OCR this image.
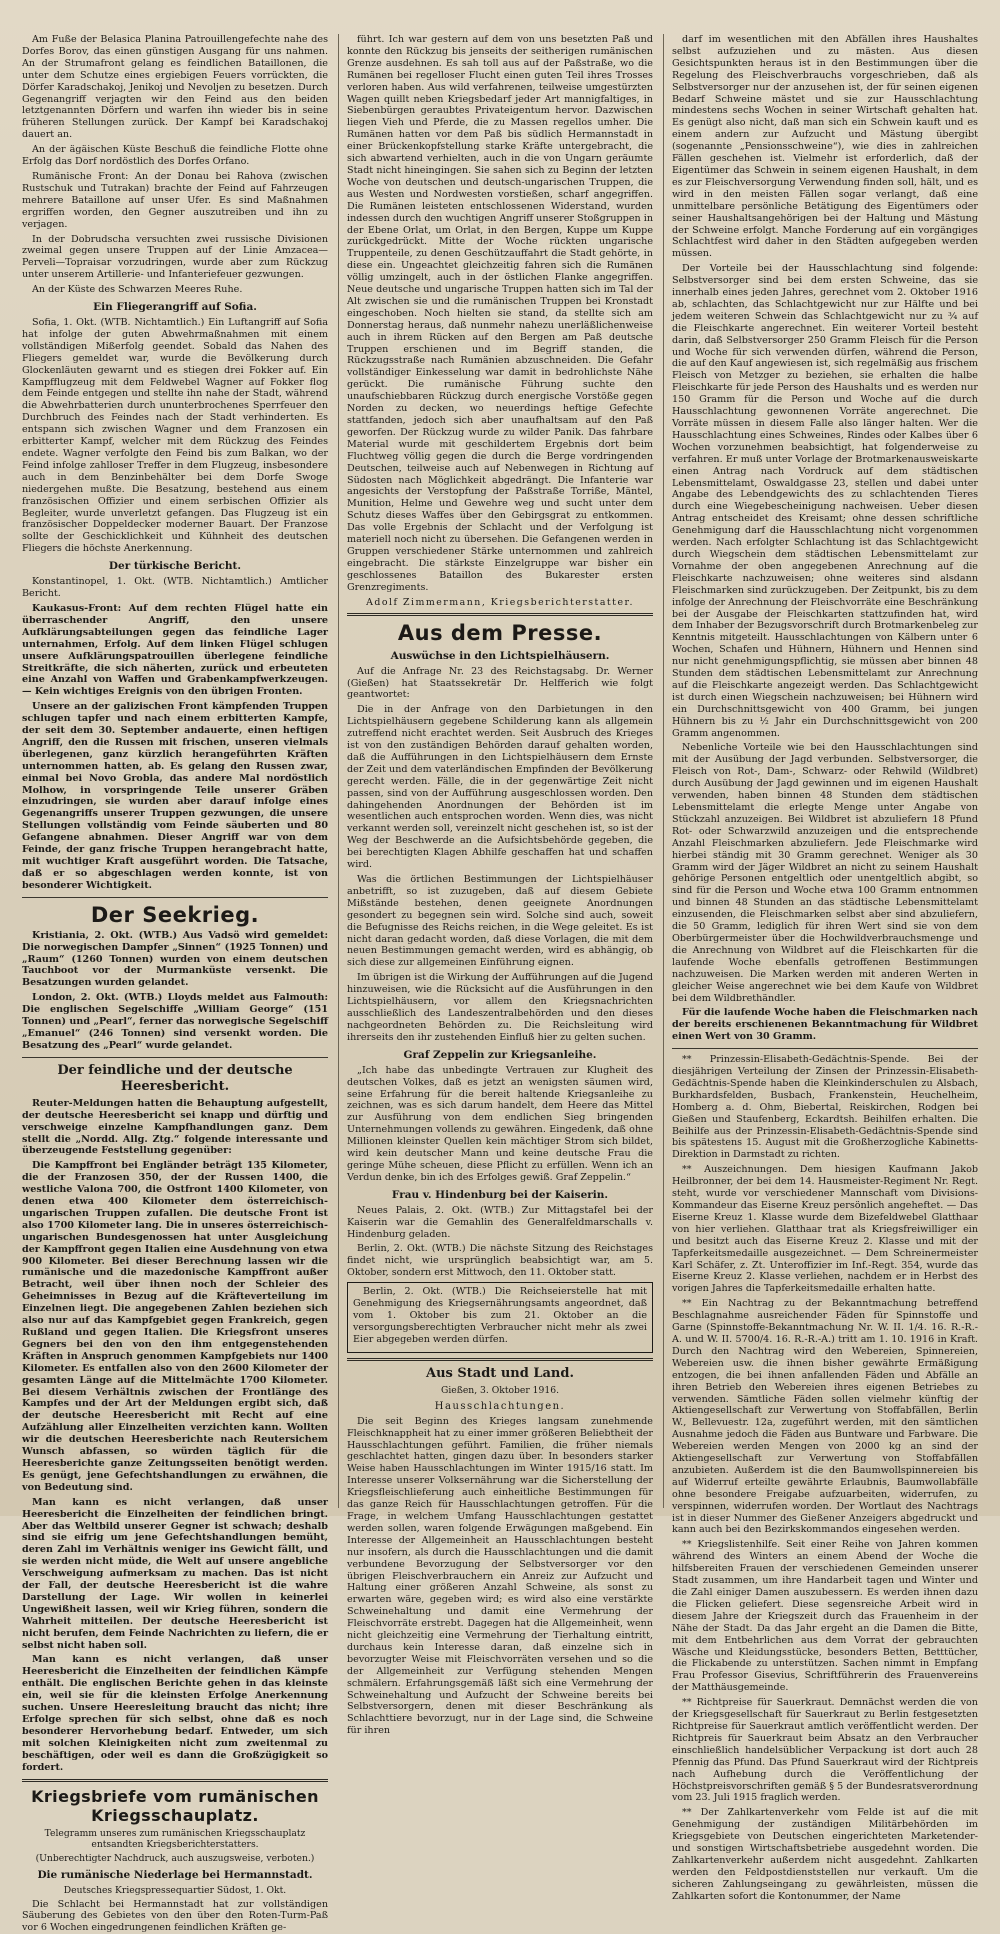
Am Fuße der Belasica Planina Patrouillengefechte nahe des Dorfes Borov, das einen günstigen Ausgang für uns nahmen. An der Strumafront gelang es feindlichen Bataillonen, die unter dem Schutze eines ergiebigen Feuers vorrückten, die Dörfer Karadschakoj, Jenikoj und Nevoljen zu besetzen. Durch Gegenangriff verjagten wir den Feind aus den beiden letztgenannten Dörfern und warfen ihn wieder bis in seine früheren Stellungen zurück. Der Kampf bei Karadschakoj dauert an.

An der ägäischen Küste Beschuß die feindliche Flotte ohne Erfolg das Dorf nordöstlich des Dorfes Orfano.

Rumänische Front: An der Donau bei Rahova (zwischen Rustschuk und Tutrakan) brachte der Feind auf Fahrzeugen mehrere Bataillone auf unser Ufer. Es sind Maßnahmen ergriffen worden, den Gegner auszutreiben und ihn zu verjagen.

In der Dobrudscha versuchten zwei russische Divisionen zweimal gegen unsere Truppen auf der Linie Amzacea—Perveli—Topraisar vorzudringen, wurde aber zum Rückzug unter unserem Artillerie- und Infanteriefeuer gezwungen.

An der Küste des Schwarzen Meeres Ruhe.

Ein Fliegerangriff auf Sofia.

Sofia, 1. Okt. (WTB. Nichtamtlich.) Ein Luftangriff auf Sofia hat infolge der guten Abwehrmaßnahmen mit einem vollständigen Mißerfolg geendet. Sobald das Nahen des Fliegers gemeldet war, wurde die Bevölkerung durch Glockenläuten gewarnt und es stiegen drei Fokker auf. Ein Kampfflugzeug mit dem Feldwebel Wagner auf Fokker flog dem Feinde entgegen und stellte ihn nahe der Stadt, während die Abwehrbatterien durch ununterbrochenes Sperrfeuer den Durchbruch des Feindes nach der Stadt verhinderten. Es entspann sich zwischen Wagner und dem Franzosen ein erbitterter Kampf, welcher mit dem Rückzug des Feindes endete. Wagner verfolgte den Feind bis zum Balkan, wo der Feind infolge zahlloser Treffer in dem Flugzeug, insbesondere auch in dem Benzinbehälter bei dem Dorfe Swoge niedergehen mußte. Die Besatzung, bestehend aus einem französischen Offizier und einem serbischen Offizier als Begleiter, wurde unverletzt gefangen. Das Flugzeug ist ein französischer Doppeldecker moderner Bauart. Der Franzose sollte der Geschicklichkeit und Kühnheit des deutschen Fliegers die höchste Anerkennung.

Der türkische Bericht.

Konstantinopel, 1. Okt. (WTB. Nichtamtlich.) Amtlicher Bericht.

Kaukasus-Front: Auf dem rechten Flügel hatte ein überraschender Angriff, den unsere Aufklärungsabteilungen gegen das feindliche Lager unternahmen, Erfolg. Auf dem linken Flügel schlugen unsere Aufklärungspatrouillen überlegene feindliche Streitkräfte, die sich näherten, zurück und erbeuteten eine Anzahl von Waffen und Grabenkampfwerkzeugen. — Kein wichtiges Ereignis von den übrigen Fronten.

Unsere an der galizischen Front kämpfenden Truppen schlugen tapfer und nach einem erbitterten Kampfe, der seit dem 30. September andauerte, einen heftigen Angriff, den die Russen mit frischen, unseren vielmals überlegenen, ganz kürzlich herangeführten Kräften unternommen hatten, ab. Es gelang den Russen zwar, einmal bei Novo Grobla, das andere Mal nordöstlich Molhow, in vorspringende Teile unserer Gräben einzudringen, sie wurden aber darauf infolge eines Gegenangriffs unserer Truppen gezwungen, die unsere Stellungen vollständig vom Feinde säuberten und 80 Gefangene abnahmen. Dieser Angriff war von dem Feinde, der ganz frische Truppen herangebracht hatte, mit wuchtiger Kraft ausgeführt worden. Die Tatsache, daß er so abgeschlagen werden konnte, ist von besonderer Wichtigkeit.

Der Seekrieg.

Kristiania, 2. Okt. (WTB.) Aus Vadsö wird gemeldet: Die norwegischen Dampfer „Sinnen“ (1925 Tonnen) und „Raum“ (1260 Tonnen) wurden von einem deutschen Tauchboot vor der Murmanküste versenkt. Die Besatzungen wurden gelandet.

London, 2. Okt. (WTB.) Lloyds meldet aus Falmouth: Die englischen Segelschiffe „William George“ (151 Tonnen) und „Pearl“, ferner das norwegische Segelschiff „Emanuel“ (246 Tonnen) sind versenkt worden. Die Besatzung des „Pearl“ wurde gelandet.

Der feindliche und der deutsche Heeresbericht.

Reuter-Meldungen hatten die Behauptung aufgestellt, der deutsche Heeresbericht sei knapp und dürftig und verschweige einzelne Kampfhandlungen ganz. Dem stellt die „Nordd. Allg. Ztg.“ folgende interessante und überzeugende Feststellung gegenüber:

Die Kampffront bei Engländer beträgt 135 Kilometer, die der Franzosen 350, der der Russen 1400, die westliche Valona 700, die Ostfront 1400 Kilometer, von denen etwa 400 Kilometer dem österreichisch-ungarischen Truppen zufallen. Die deutsche Front ist also 1700 Kilometer lang. Die in unseres österreichisch-ungarischen Bundesgenossen hat unter Ausgleichung der Kampffront gegen Italien eine Ausdehnung von etwa 900 Kilometer. Bei dieser Berechnung lassen wir die rumänische und die mazedonische Kampffront außer Betracht, weil über ihnen noch der Schleier des Geheimnisses in Bezug auf die Kräfteverteilung im Einzelnen liegt. Die angegebenen Zahlen beziehen sich also nur auf das Kampfgebiet gegen Frankreich, gegen Rußland und gegen Italien. Die Kriegsfront unseres Gegners bei den von den ihm entgegenstehenden Kräften in Anspruch genommen Kampfgebiets nur 1400 Kilometer. Es entfallen also von den 2600 Kilometer der gesamten Länge auf die Mittelmächte 1700 Kilometer. Bei diesem Verhältnis zwischen der Frontlänge des Kampfes und der Art der Meldungen ergibt sich, daß der deutsche Heeresbericht mit Recht auf eine Aufzählung aller Einzelheiten verzichten kann. Wollten wir die deutschen Heeresberichte nach Reutersichem Wunsch abfassen, so würden täglich für die Heeresberichte ganze Zeitungsseiten benötigt werden. Es genügt, jene Gefechtshandlungen zu erwähnen, die von Bedeutung sind.

Man kann es nicht verlangen, daß unser Heeresbericht die Einzelheiten der feindlichen bringt. Aber das Weltbild unserer Gegner ist schwach; deshalb sind sie eifrig um jene Gefechtshandlungen bemüht, deren Zahl im Verhältnis weniger ins Gewicht fällt, und sie werden nicht müde, die Welt auf unsere angebliche Verschweigung aufmerksam zu machen. Das ist nicht der Fall, der deutsche Heeresbericht ist die wahre Darstellung der Lage. Wir wollen in keinerlei Ungewißheit lassen, weil wir Krieg führen, sondern die Wahrheit mitteilen. Der deutsche Heeresbericht ist nicht berufen, dem Feinde Nachrichten zu liefern, die er selbst nicht haben soll.

Man kann es nicht verlangen, daß unser Heeresbericht die Einzelheiten der feindlichen Kämpfe enthält. Die englischen Berichte gehen in das kleinste ein, weil sie für die kleinsten Erfolge Anerkennung suchen. Unsere Heeresleitung braucht das nicht; ihre Erfolge sprechen für sich selbst, ohne daß es noch besonderer Hervorhebung bedarf. Entweder, um sich mit solchen Kleinigkeiten nicht zum zweitenmal zu beschäftigen, oder weil es dann die Großzügigkeit so fordert.

Kriegsbriefe vom rumänischen Kriegsschauplatz.
Telegramm unseres zum rumänischen Kriegsschauplatz entsandten Kriegsberichterstatters.
(Unberechtigter Nachdruck, auch auszugsweise, verboten.)
Die rumänische Niederlage bei Hermannstadt.
Deutsches Kriegspressequartier Südost, 1. Okt.

Die Schlacht bei Hermannstadt hat zur vollständigen Säuberung des Gebietes von den über den Roten-Turm-Paß vor 6 Wochen eingedrungenen feindlichen Kräften ge-

führt. Ich war gestern auf dem von uns besetzten Paß und konnte den Rückzug bis jenseits der seitherigen rumänischen Grenze ausdehnen. Es sah toll aus auf der Paßstraße, wo die Rumänen bei regelloser Flucht einen guten Teil ihres Trosses verloren haben. Aus wild verfahrenen, teilweise umgestürzten Wagen quillt neben Kriegsbedarf jeder Art mannigfaltiges, in Siebenbürgen geraubtes Privateigentum hervor. Dazwischen liegen Vieh und Pferde, die zu Massen regellos umher. Die Rumänen hatten vor dem Paß bis südlich Hermannstadt in einer Brückenkopfstellung starke Kräfte untergebracht, die sich abwartend verhielten, auch in die von Ungarn geräumte Stadt nicht hineingingen. Sie sahen sich zu Beginn der letzten Woche von deutschen und deutsch-ungarischen Truppen, die aus Westen und Nordwesten vorstießen, scharf angegriffen. Die Rumänen leisteten entschlossenen Widerstand, wurden indessen durch den wuchtigen Angriff unserer Stoßgruppen in der Ebene Orlat, um Orlat, in den Bergen, Kuppe um Kuppe zurückgedrückt. Mitte der Woche rückten ungarische Truppenteile, zu denen Geschützauffahrt die Stadt gehörte, in diese ein. Ungeachtet gleichzeitig fahren sich die Rumänen völlig umzingelt, auch in der östlichen Flanke angegriffen. Neue deutsche und ungarische Truppen hatten sich im Tal der Alt zwischen sie und die rumänischen Truppen bei Kronstadt eingeschoben. Noch hielten sie stand, da stellte sich am Donnerstag heraus, daß nunmehr nahezu unerläßlichenweise auch in ihrem Rücken auf den Bergen am Paß deutsche Truppen erschienen und im Begriff standen, die Rückzugsstraße nach Rumänien abzuschneiden. Die Gefahr vollständiger Einkesselung war damit in bedrohlichste Nähe gerückt. Die rumänische Führung suchte den unaufschiebbaren Rückzug durch energische Vorstöße gegen Norden zu decken, wo neuerdings heftige Gefechte stattfanden, jedoch sich aber unaufhaltsam auf den Paß geworfen. Der Rückzug wurde zu wilder Panik. Das fahrbare Material wurde mit geschildertem Ergebnis dort beim Fluchtweg völlig gegen die durch die Berge vordringenden Deutschen, teilweise auch auf Nebenwegen in Richtung auf Südosten nach Möglichkeit abgedrängt. Die Infanterie war angesichts der Verstopfung der Paßstraße Torriße, Mäntel, Munition, Helme und Gewehre weg und sucht unter dem Schutz dieses Waffes über den Gebirgsgrat zu entkommen. Das volle Ergebnis der Schlacht und der Verfolgung ist materiell noch nicht zu übersehen. Die Gefangenen werden in Gruppen verschiedener Stärke unternommen und zahlreich eingebracht. Die stärkste Einzelgruppe war bisher ein geschlossenes Bataillon des Bukarester ersten Grenzregiments.

Adolf Zimmermann, Kriegsberichterstatter.
Aus dem Presse.
Auswüchse in den Lichtspielhäusern.

Auf die Anfrage Nr. 23 des Reichstagsabg. Dr. Werner (Gießen) hat Staatssekretär Dr. Helfferich wie folgt geantwortet:

Die in der Anfrage von den Darbietungen in den Lichtspielhäusern gegebene Schilderung kann als allgemein zutreffend nicht erachtet werden. Seit Ausbruch des Krieges ist von den zuständigen Behörden darauf gehalten worden, daß die Aufführungen in den Lichtspielhäusern dem Ernste der Zeit und dem vaterländischen Empfinden der Bevölkerung gerecht werden. Fälle, die in der gegenwärtige Zeit nicht passen, sind von der Aufführung ausgeschlossen worden. Den dahingehenden Anordnungen der Behörden ist im wesentlichen auch entsprochen worden. Wenn dies, was nicht verkannt werden soll, vereinzelt nicht geschehen ist, so ist der Weg der Beschwerde an die Aufsichtsbehörde gegeben, die bei berechtigten Klagen Abhilfe geschaffen hat und schaffen wird.

Was die örtlichen Bestimmungen der Lichtspielhäuser anbetrifft, so ist zuzugeben, daß auf diesem Gebiete Mißstände bestehen, denen geeignete Anordnungen gesondert zu begegnen sein wird. Solche sind auch, soweit die Befugnisse des Reichs reichen, in die Wege geleitet. Es ist nicht daran gedacht worden, daß diese Vorlagen, die mit dem neuen Bestimmungen gemacht werden, wird es abhängig, ob sich diese zur allgemeinen Einführung eignen.

Im übrigen ist die Wirkung der Aufführungen auf die Jugend hinzuweisen, wie die Rücksicht auf die Ausführungen in den Lichtspielhäusern, vor allem den Kriegsnachrichten ausschließlich des Landeszentralbehörden und den dieses nachgeordneten Behörden zu. Die Reichsleitung wird ihrerseits den ihr zustehenden Einfluß hier zu gelten suchen.

Graf Zeppelin zur Kriegsanleihe.

„Ich habe das unbedingte Vertrauen zur Klugheit des deutschen Volkes, daß es jetzt an wenigsten säumen wird, seine Erfahrung für die bereit haltende Kriegsanleihe zu zeichnen, was es sich darum handelt, dem Heere das Mittel zur Ausführung von dem endlichen Sieg bringenden Unternehmungen vollends zu gewähren. Eingedenk, daß ohne Millionen kleinster Quellen kein mächtiger Strom sich bildet, wird kein deutscher Mann und keine deutsche Frau die geringe Mühe scheuen, diese Pflicht zu erfüllen. Wenn ich an Verdun denke, bin ich des Erfolges gewiß. Graf Zeppelin.“

Frau v. Hindenburg bei der Kaiserin.

Neues Palais, 2. Okt. (WTB.) Zur Mittagstafel bei der Kaiserin war die Gemahlin des Generalfeldmarschalls v. Hindenburg geladen.

Berlin, 2. Okt. (WTB.) Die nächste Sitzung des Reichstages findet nicht, wie ursprünglich beabsichtigt war, am 5. Oktober, sondern erst Mittwoch, den 11. Oktober statt.

Berlin, 2. Okt. (WTB.) Die Reichseierstelle hat mit Genehmigung des Kriegsernährungsamts angeordnet, daß vom 1. Oktober bis zum 21. Oktober an die versorgungsberechtigten Verbraucher nicht mehr als zwei Eier abgegeben werden dürfen.

Aus Stadt und Land.
Gießen, 3. Oktober 1916.
Hausschlachtungen.

Die seit Beginn des Krieges langsam zunehmende Fleischknappheit hat zu einer immer größeren Beliebtheit der Hausschlachtungen geführt. Familien, die früher niemals geschlachtet hatten, gingen dazu über. In besonders starker Weise haben Hausschlachtungen im Winter 1915/16 statt. Im Interesse unserer Volksernährung war die Sicherstellung der Kriegsfleischlieferung auch einheitliche Bestimmungen für das ganze Reich für Hausschlachtungen getroffen. Für die Frage, in welchem Umfang Hausschlachtungen gestattet werden sollen, waren folgende Erwägungen maßgebend. Ein Interesse der Allgemeinheit an Hausschlachtungen besteht nur insofern, als durch die Hausschlachtungen und die damit verbundene Bevorzugung der Selbstversorger vor den übrigen Fleischverbrauchern ein Anreiz zur Aufzucht und Haltung einer größeren Anzahl Schweine, als sonst zu erwarten wäre, gegeben wird; es wird also eine verstärkte Schweinehaltung und damit eine Vermehrung der Fleischvorräte erstrebt. Dagegen hat die Allgemeinheit, wenn nicht gleichzeitig eine Vermehrung der Tierhaltung eintritt, durchaus kein Interesse daran, daß einzelne sich in bevorzugter Weise mit Fleischvorräten versehen und so die der Allgemeinheit zur Verfügung stehenden Mengen schmälern. Erfahrungsgemäß läßt sich eine Vermehrung der Schweinehaltung und Aufzucht der Schweine bereits bei Selbstversorgern, denen mit dieser Beschränkung als Schlachttiere bevorzugt, nur in der Lage sind, die Schweine für ihren

darf im wesentlichen mit den Abfällen ihres Haushaltes selbst aufzuziehen und zu mästen. Aus diesen Gesichtspunkten heraus ist in den Bestimmungen über die Regelung des Fleischverbrauchs vorgeschrieben, daß als Selbstversorger nur der anzusehen ist, der für seinen eigenen Bedarf Schweine mästet und sie zur Hausschlachtung mindestens sechs Wochen in seiner Wirtschaft gehalten hat. Es genügt also nicht, daß man sich ein Schwein kauft und es einem andern zur Aufzucht und Mästung übergibt (sogenannte „Pensionsschweine“), wie dies in zahlreichen Fällen geschehen ist. Vielmehr ist erforderlich, daß der Eigentümer das Schwein in seinem eigenen Haushalt, in dem es zur Fleischversorgung Verwendung finden soll, hält, und es wird in den meisten Fällen sogar verlangt, daß eine unmittelbare persönliche Betätigung des Eigentümers oder seiner Haushaltsangehörigen bei der Haltung und Mästung der Schweine erfolgt. Manche Forderung auf ein vorgängiges Schlachtfest wird daher in den Städten aufgegeben werden müssen.

Der Vorteile bei der Hausschlachtung sind folgende: Selbstversorger sind bei dem ersten Schweine, das sie innerhalb eines jeden Jahres, gerechnet vom 2. Oktober 1916 ab, schlachten, das Schlachtgewicht nur zur Hälfte und bei jedem weiteren Schwein das Schlachtgewicht nur zu ¾ auf die Fleischkarte angerechnet. Ein weiterer Vorteil besteht darin, daß Selbstversorger 250 Gramm Fleisch für die Person und Woche für sich verwenden dürfen, während die Person, die auf den Kauf angewiesen ist, sich regelmäßig aus frischem Fleisch von Metzger zu beziehen, sie erhalten die halbe Fleischkarte für jede Person des Haushalts und es werden nur 150 Gramm für die Person und Woche auf die durch Hausschlachtung gewonnenen Vorräte angerechnet. Die Vorräte müssen in diesem Falle also länger halten. Wer die Hausschlachtung eines Schweines, Rindes oder Kalbes über 6 Wochen vorzunehmen beabsichtigt, hat folgenderweise zu verfahren. Er muß unter Vorlage der Brotmarkenausweiskarte einen Antrag nach Vordruck auf dem städtischen Lebensmittelamt, Oswaldgasse 23, stellen und dabei unter Angabe des Lebendgewichts des zu schlachtenden Tieres durch eine Wiegebescheinigung nachweisen. Ueber diesen Antrag entscheidet des Kreisamt; ohne dessen schriftliche Genehmigung darf die Hausschlachtung nicht vorgenommen werden. Nach erfolgter Schlachtung ist das Schlachtgewicht durch Wiegschein dem städtischen Lebensmittelamt zur Vornahme der oben angegebenen Anrechnung auf die Fleischkarte nachzuweisen; ohne weiteres sind alsdann Fleischmarken sind zurückzugeben. Der Zeitpunkt, bis zu dem infolge der Anrechnung der Fleischvorräte eine Beschränkung bei der Ausgabe der Fleischkarten stattzufinden hat, wird dem Inhaber der Bezugsvorschrift durch Brotmarkenbeleg zur Kenntnis mitgeteilt. Hausschlachtungen von Kälbern unter 6 Wochen, Schafen und Hühnern, Hühnern und Hennen sind nur nicht genehmigungspflichtig, sie müssen aber binnen 48 Stunden dem städtischen Lebensmittelamt zur Anrechnung auf die Fleischkarte angezeigt werden. Das Schlachtgewicht ist durch einen Wiegschein nachzuweisen; bei Hühnern wird ein Durchschnittsgewicht von 400 Gramm, bei jungen Hühnern bis zu ½ Jahr ein Durchschnittsgewicht von 200 Gramm angenommen.

Nebenliche Vorteile wie bei den Hausschlachtungen sind mit der Ausübung der Jagd verbunden. Selbstversorger, die Fleisch von Rot-, Dam-, Schwarz- oder Rehwild (Wildbret) durch Ausübung der Jagd gewinnen und im eigenen Haushalt verwenden, haben binnen 48 Stunden dem städtischen Lebensmittelamt die erlegte Menge unter Angabe von Stückzahl anzuzeigen. Bei Wildbret ist abzuliefern 18 Pfund Rot- oder Schwarzwild anzuzeigen und die entsprechende Anzahl Fleischmarken abzuliefern. Jede Fleischmarke wird hierbei ständig mit 30 Gramm gerechnet. Weniger als 30 Gramm wird der Jäger Wildbret an nicht zu seinem Haushalt gehörige Personen entgeltlich oder unentgeltlich abgibt, so sind für die Person und Woche etwa 100 Gramm entnommen und binnen 48 Stunden an das städtische Lebensmittelamt einzusenden, die Fleischmarken selbst aber sind abzuliefern, die 50 Gramm, lediglich für ihren Wert sind sie von dem Oberbürgermeister über die Hochwildverbrauchsmenge und die Anrechnung von Wildbret auf die Fleischkarten für die laufende Woche ebenfalls getroffenen Bestimmungen nachzuweisen. Die Marken werden mit anderen Werten in gleicher Weise angerechnet wie bei dem Kaufe von Wildbret bei dem Wildbrethändler.

Für die laufende Woche haben die Fleischmarken nach der bereits erschienenen Bekanntmachung für Wildbret einen Wert von 30 Gramm.

** Prinzessin-Elisabeth-Gedächtnis-Spende. Bei der diesjährigen Verteilung der Zinsen der Prinzessin-Elisabeth-Gedächtnis-Spende haben die Kleinkinderschulen zu Alsbach, Burkhardsfelden, Busbach, Frankenstein, Heuchelheim, Homberg a. d. Ohm, Biebertal, Reiskirchen, Rodgen bei Gießen und Staufenberg, Eckardtsh. Beihilfen erhalten. Die Beihilfe aus der Prinzessin-Elisabeth-Gedächtnis-Spende sind bis spätestens 15. August mit die Großherzogliche Kabinetts-Direktion in Darmstadt zu richten.

** Auszeichnungen. Dem hiesigen Kaufmann Jakob Heilbronner, der bei dem 14. Hausmeister-Regiment Nr. Regt. steht, wurde vor verschiedener Mannschaft vom Divisions-Kommandeur das Eiserne Kreuz persönlich angeheftet. — Das Eiserne Kreuz 1. Klasse wurde dem Bizefeldwebel Glatthaar von hier verliehen. Glatthaar trat als Kriegsfreiwilliger ein und besitzt auch das Eiserne Kreuz 2. Klasse und mit der Tapferkeitsmedaille ausgezeichnet. — Dem Schreinermeister Karl Schäfer, z. Zt. Unteroffizier im Inf.-Regt. 354, wurde das Eiserne Kreuz 2. Klasse verliehen, nachdem er in Herbst des vorigen Jahres die Tapferkeitsmedaille erhalten hatte.

** Ein Nachtrag zu der Bekanntmachung betreffend Beschlagnahme ausreichender Fäden für Spinnstoffe und Garne (Spinnstoffe-Bekanntmachung Nr. W. II. 1/4. 16. R.-R.-A. und W. II. 5700/4. 16. R.-R.-A.) tritt am 1. 10. 1916 in Kraft. Durch den Nachtrag wird den Webereien, Spinnereien, Webereien usw. die ihnen bisher gewährte Ermäßigung entzogen, die bei ihnen anfallenden Fäden und Abfälle an ihren Betrieb den Webereien ihres eigenen Betriebes zu verwenden. Sämtliche Fäden sollen vielmehr künftig der Aktiengesellschaft zur Verwertung von Stoffabfällen, Berlin W., Bellevuestr. 12a, zugeführt werden, mit den sämtlichen Ausnahme jedoch die Fäden aus Buntware und Farbware. Die Webereien werden Mengen von 2000 kg an sind der Aktiengesellschaft zur Verwertung von Stoffabfällen anzubieten. Außerdem ist die den Baumwollspinnereien bis auf Widerruf erteilte gewährte Erlaubnis, Baumwollabfälle ohne besondere Freigabe aufzuarbeiten, widerrufen, zu verspinnen, widerrufen worden. Der Wortlaut des Nachtrags ist in dieser Nummer des Gießener Anzeigers abgedruckt und kann auch bei den Bezirkskommandos eingesehen werden.

** Kriegslistenhilfe. Seit einer Reihe von Jahren kommen während des Winters an einem Abend der Woche die hilfsbereiten Frauen der verschiedenen Gemeinden unserer Stadt zusammen, um ihre Handarbeit tagen und Winter und die Zahl einiger Damen auszubessern. Es werden ihnen dazu die Flicken geliefert. Diese segensreiche Arbeit wird in diesem Jahre der Kriegszeit durch das Frauenheim in der Nähe der Stadt. Da das Jahr ergeht an die Damen die Bitte, mit dem Entbehrlichen aus dem Vorrat der gebrauchten Wäsche und Kleidungsstücke, besonders Betten, Betttücher, die Flickabende zu unterstützen. Sachen nimmt in Empfang Frau Professor Gisevius, Schriftführerin des Frauenvereins der Matthäusgemeinde.

** Richtpreise für Sauerkraut. Demnächst werden die von der Kriegsgesellschaft für Sauerkraut zu Berlin festgesetzten Richtpreise für Sauerkraut amtlich veröffentlicht werden. Der Richtpreis für Sauerkraut beim Absatz an den Verbraucher einschließlich handelsüblicher Verpackung ist dort auch 28 Pfennig das Pfund. Das Pfund Sauerkraut wird der Richtpreis nach Aufhebung durch die Veröffentlichung der Höchstpreisvorschriften gemäß § 5 der Bundesratsverordnung vom 23. Juli 1915 fraglich werden.

** Der Zahlkartenverkehr vom Felde ist auf die mit Genehmigung der zuständigen Militärbehörden im Kriegsgebiete von Deutschen eingerichteten Marketender- und sonstigen Wirtschaftsbetriebe ausgedehnt worden. Die Zahlkartenverkehr außerdem nicht ausgedehnt. Zahlkarten werden den Feldpostdienststellen nur verkauft. Um die sicheren Zahlungseingang zu gewährleisten, müssen die Zahlkarten sofort die Kontonummer, der Name
